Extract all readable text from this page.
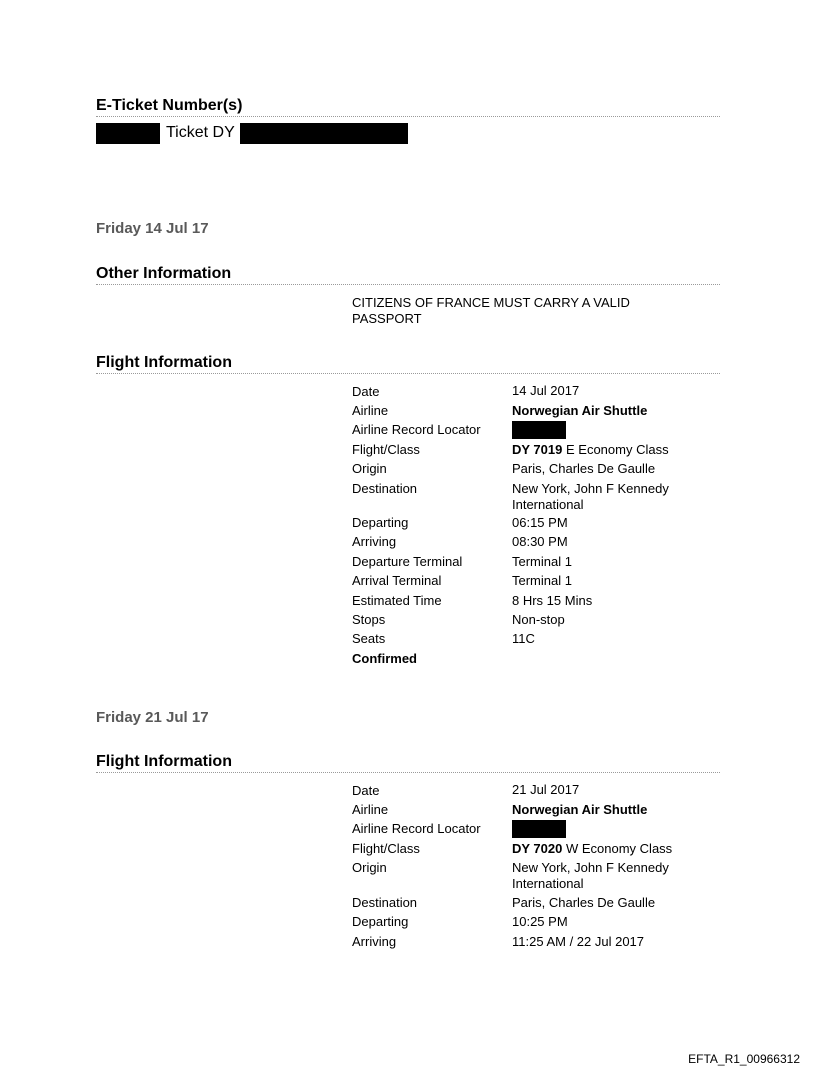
E-Ticket Number(s)
Ticket DY
Friday 14 Jul 17
Other Information
CITIZENS OF FRANCE MUST CARRY A VALID PASSPORT
Flight Information
Date	14 Jul 2017
Airline	Norwegian Air Shuttle
Airline Record Locator
Flight/Class	DY 7019 E Economy Class
Origin	Paris, Charles De Gaulle
Destination	New York, John F Kennedy International
Departing	06:15 PM
Arriving	08:30 PM
Departure Terminal	Terminal 1
Arrival Terminal	Terminal 1
Estimated Time	8 Hrs 15 Mins
Stops	Non-stop
Seats	11C
Confirmed
Friday 21 Jul 17
Flight Information
Date	21 Jul 2017
Airline	Norwegian Air Shuttle
Airline Record Locator
Flight/Class	DY 7020 W Economy Class
Origin	New York, John F Kennedy International
Destination	Paris, Charles De Gaulle
Departing	10:25 PM
Arriving	11:25 AM / 22 Jul 2017
EFTA_R1_00966312
